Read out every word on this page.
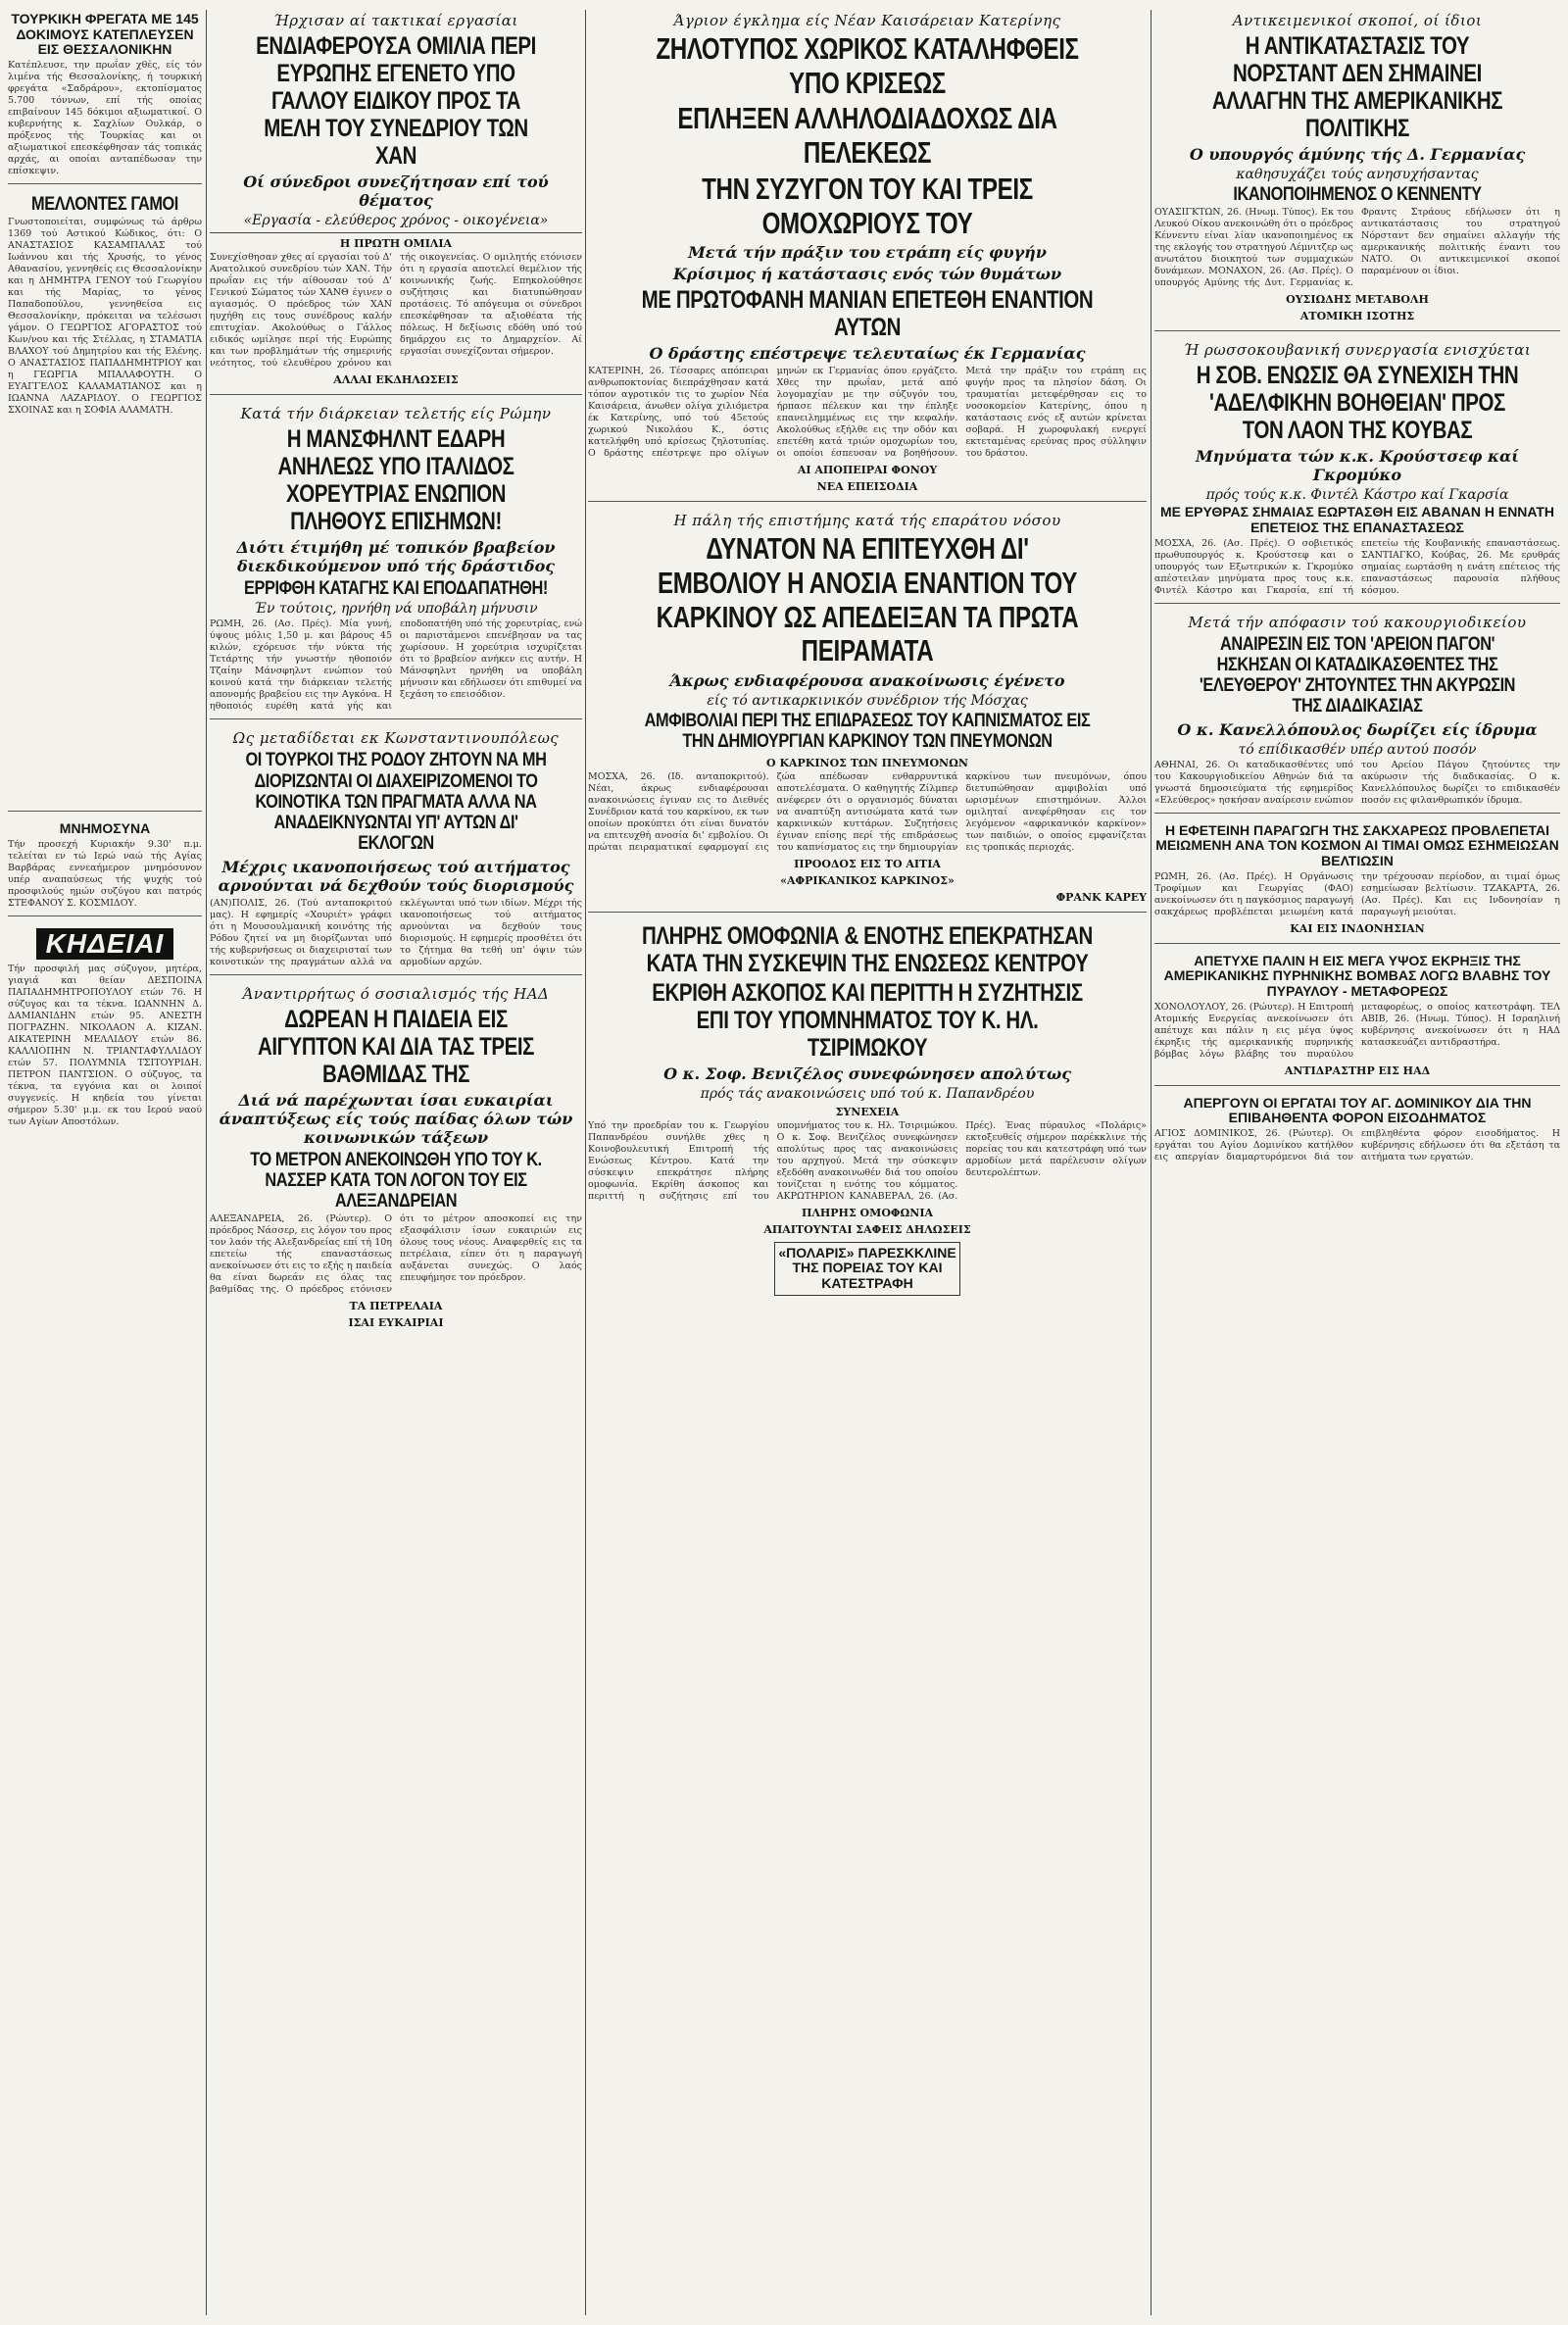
ΤΟΥΡΚΙΚΗ ΦΡΕΓΑΤΑ ΜΕ 145 ΔΟΚΙΜΟΥΣ ΚΑΤΕΠΛΕΥΣΕΝ ΕΙΣ ΘΕΣΣΑΛΟΝΙΚΗΝ
Κατέπλευσε, την πρωΐαν χθές, είς τόν λιμένα τής Θεσσαλονίκης, ή τουρκική φρεγάτα «Σαδράρου», εκτοπίσματος 5.700 τόννων, επί τής οποίας επιβαίνουν 145 δόκιμοι αξιωματικοί. Ο κυβερνήτης κ. Σαχλίων Ουλκάρ, ο πρόξενος τής Τουρκίας και οι αξιωματικοί επεσκέφθησαν τάς τοπικάς αρχάς, αι οποίαι ανταπέδωσαν την επίσκεψιν.
ΜΕΛΛΟΝΤΕΣ ΓΑΜΟΙ
Γνωστοποιείται, συμφώνως τώ άρθρω 1369 τού Αστικού Κώδικος, ότι: Ο ΑΝΑΣΤΑΣΙΟΣ ΚΑΣΑΜΠΑΛΑΣ τού Ιωάννου και τής Χρυσής, το γένος Αθανασίου, γεννηθείς εις Θεσσαλονίκην και η ΔΗΜΗΤΡΑ ΓΕΝΟΥ τού Γεωργίου και τής Μαρίας, το γένος Παπαδοπούλου, γεννηθείσα εις Θεσσαλονίκην, πρόκειται να τελέσωσι γάμον. Ο ΓΕΩΡΓΙΟΣ ΑΓΟΡΑΣΤΟΣ τού Κων/νου και τής Στέλλας, η ΣΤΑΜΑΤΙΑ ΒΛΑΧΟΥ τού Δημητρίου και τής Ελένης. Ο ΑΝΑΣΤΑΣΙΟΣ ΠΑΠΑΔΗΜΗΤΡΙΟΥ και η ΓΕΩΡΓΙΑ ΜΠΑΛΑΦΟΥΤΗ. Ο ΕΥΑΓΓΕΛΟΣ ΚΑΛΑΜΑΤΙΑΝΟΣ και η ΙΩΑΝΝΑ ΛΑΖΑΡΙΔΟΥ. Ο ΓΕΩΡΓΙΟΣ ΣΧΟΙΝΑΣ και η ΣΟΦΙΑ ΑΛΑΜΑΤΗ.
ΜΝΗΜΟΣΥΝΑ
Τήν προσεχή Κυριακήν 9.30' π.μ. τελείται εν τώ Ιερώ ναώ τής Αγίας Βαρβάρας εννεαήμερον μνημόσυνον υπέρ αναπαύσεως τής ψυχής τού προσφιλούς ημών συζύγου και πατρός ΣΤΕΦΑΝΟΥ Σ. ΚΟΣΜΙΔΟΥ.
ΚΗΔΕΙΑΙ
Τήν προσφιλή μας σύζυγον, μητέρα, γιαγιά και θείαν ΔΕΣΠΟΙΝΑ ΠΑΠΑΔΗΜΗΤΡΟΠΟΥΛΟΥ ετών 76. Η σύζυγος και τα τέκνα. ΙΩΑΝΝΗΝ Δ. ΔΑΜΙΑΝΙΔΗΝ ετών 95. ΑΝΕΣΤΗ ΠΟΓΡΑΖΗΝ. ΝΙΚΟΛΑΟΝ Α. ΚΙΖΑΝ. ΑΙΚΑΤΕΡΙΝΗ ΜΕΛΛΙΔΟΥ ετών 86. ΚΑΛΛΙΟΠΗΝ Ν. ΤΡΙΑΝΤΑΦΥΛΛΙΔΟΥ ετών 57. ΠΟΛΥΜΝΙΑ ΤΣΙΤΟΥΡΙΔΗ. ΠΕΤΡΟΝ ΠΑΝΤΣΙΟΝ. Ο σύζυγος, τα τέκνα, τα εγγόνια και οι λοιποί συγγενείς. Η κηδεία του γίνεται σήμερον 5.30' μ.μ. εκ του Ιερού ναού των Αγίων Αποστόλων.
Ήρχισαν αί τακτικαί εργασίαι
ΕΝΔΙΑΦΕΡΟΥΣΑ ΟΜΙΛΙΑ ΠΕΡΙ ΕΥΡΩΠΗΣ ΕΓΕΝΕΤΟ ΥΠΟ ΓΑΛΛΟΥ ΕΙΔΙΚΟΥ ΠΡΟΣ ΤΑ ΜΕΛΗ ΤΟΥ ΣΥΝΕΔΡΙΟΥ ΤΩΝ ΧΑΝ
Οί σύνεδροι συνεζήτησαν επί τού θέματος
«Εργασία - ελεύθερος χρόνος - οικογένεια»
Η ΠΡΩΤΗ ΟΜΙΛΙΑ
Συνεχίσθησαν χθες αί εργασίαι τού Δ' Ανατολικού συνεδρίου τών ΧΑΝ. Τήν πρωΐαν εις τήν αίθουσαν τού Δ' Γενικού Σώματος τών ΧΑΝΘ έγινεν ο αγιασμός. Ο πρόεδρος τών ΧΑΝ ηυχήθη εις τους συνέδρους καλήν επιτυχίαν. Ακολούθως ο Γάλλος ειδικός ωμίλησε περί τής Ευρώπης και των προβλημάτων τής σημερινής νεότητος, τού ελευθέρου χρόνου και τής οικογενείας. Ο ομιλητής ετόνισεν ότι η εργασία αποτελεί θεμέλιον τής κοινωνικής ζωής. Επηκολούθησε συζήτησις και διατυπώθησαν προτάσεις. Τό απόγευμα οι σύνεδροι επεσκέφθησαν τα αξιοθέατα τής πόλεως. Η δεξίωσις εδόθη υπό τού δημάρχου εις το Δημαρχείον. Αί εργασίαι συνεχίζονται σήμερον.
ΑΛΛΑΙ ΕΚΔΗΛΩΣΕΙΣ
Κατά τήν διάρκειαν τελετής είς Ρώμην
Η ΜΑΝΣΦΗΛΝΤ ΕΔΑΡΗ ΑΝΗΛΕΩΣ ΥΠΟ ΙΤΑΛΙΔΟΣ ΧΟΡΕΥΤΡΙΑΣ ΕΝΩΠΙΟΝ ΠΛΗΘΟΥΣ ΕΠΙΣΗΜΩΝ!
Διότι έτιμήθη μέ τοπικόν βραβείον διεκδικούμενον υπό τής δράστιδος
ΕΡΡΙΦΘΗ ΚΑΤΑΓΗΣ ΚΑΙ ΕΠΟΔΑΠΑΤΗΘΗ!
Έν τούτοις, ηρνήθη νά υποβάλη μήνυσιν
ΡΩΜΗ, 26. (Ασ. Πρές). Μία γυνή, ύψους μόλις 1,50 μ. και βάρους 45 κιλών, εχόρευσε τήν νύκτα τής Τετάρτης τήν γνωστήν ηθοποιόν Τζαίην Μάνσφηλντ ενώπιον τού κοινού κατά την διάρκειαν τελετής απονομής βραβείου εις την Αγκόνα. Η ηθοποιός ευρέθη κατά γής και εποδοπατήθη υπό τής χορευτρίας, ενώ οι παριστάμενοι επενέβησαν να τας χωρίσουν. Η χορεύτρια ισχυρίζεται ότι το βραβείον ανήκεν εις αυτήν. Η Μάνσφηλντ ηρνήθη να υποβάλη μήνυσιν και εδήλωσεν ότι επιθυμεί να ξεχάση το επεισόδιον.
Ως μεταδίδεται εκ Κωνσταντινουπόλεως
ΟΙ ΤΟΥΡΚΟΙ ΤΗΣ ΡΟΔΟΥ ΖΗΤΟΥΝ ΝΑ ΜΗ ΔΙΟΡΙΖΩΝΤΑΙ ΟΙ ΔΙΑΧΕΙΡΙΖΟΜΕΝΟΙ ΤΟ ΚΟΙΝΟΤΙΚΑ ΤΩΝ ΠΡΑΓΜΑΤΑ ΑΛΛΑ ΝΑ ΑΝΑΔΕΙΚΝΥΩΝΤΑΙ ΥΠ' ΑΥΤΩΝ ΔΙ' ΕΚΛΟΓΩΝ
Μέχρις ικανοποιήσεως τού αιτήματος αρνούνται νά δεχθούν τούς διορισμούς
(ΑΝ)ΠΟΛΙΣ, 26. (Τού ανταποκριτού μας). Η εφημερίς «Χουριέτ» γράφει ότι η Μουσουλμανική κοινότης τής Ρόδου ζητεί να μη διορίζωνται υπό τής κυβερνήσεως οι διαχειρισταί των κοινοτικών της πραγμάτων αλλά να εκλέγωνται υπό των ιδίων. Μέχρι τής ικανοποιήσεως τού αιτήματος αρνούνται να δεχθούν τους διορισμούς. Η εφημερίς προσθέτει ότι το ζήτημα θα τεθή υπ' όψιν τών αρμοδίων αρχών.
Άναντιρρήτως ό σοσιαλισμός τής ΗΑΔ
ΔΩΡΕΑΝ Η ΠΑΙΔΕΙΑ ΕΙΣ ΑΙΓΥΠΤΟΝ ΚΑΙ ΔΙΑ ΤΑΣ ΤΡΕΙΣ ΒΑΘΜΙΔΑΣ ΤΗΣ
Διά νά παρέχωνται ίσαι ευκαιρίαι άναπτύξεως είς τούς παίδας όλων τών κοινωνικών τάξεων
ΤΟ ΜΕΤΡΟΝ ΑΝΕΚΟΙΝΩΘΗ ΥΠΟ ΤΟΥ Κ. ΝΑΣΣΕΡ ΚΑΤΑ ΤΟΝ ΛΟΓΟΝ ΤΟΥ ΕΙΣ ΑΛΕΞΑΝΔΡΕΙΑΝ
ΑΛΕΞΑΝΔΡΕΙΑ, 26. (Ρώυτερ). Ο πρόεδρος Νάσσερ, εις λόγον του προς τον λαόν τής Αλεξανδρείας επί τή 10η επετείω τής επαναστάσεως ανεκοίνωσεν ότι εις το εξής η παιδεία θα είναι δωρεάν εις όλας τας βαθμίδας της. Ο πρόεδρος ετόνισεν ότι το μέτρον αποσκοπεί εις την εξασφάλισιν ίσων ευκαιριών εις όλους τους νέους. Αναφερθείς εις τα πετρέλαια, είπεν ότι η παραγωγή αυξάνεται συνεχώς. Ο λαός επευφήμησε τον πρόεδρον.
ΤΑ ΠΕΤΡΕΛΑΙΑ
ΙΣΑΙ ΕΥΚΑΙΡΙΑΙ
Άγριον έγκλημα είς Νέαν Καισάρειαν Κατερίνης
ΖΗΛΟΤΥΠΟΣ ΧΩΡΙΚΟΣ ΚΑΤΑΛΗΦΘΕΙΣ ΥΠΟ ΚΡΙΣΕΩΣ
ΕΠΛΗΞΕΝ ΑΛΛΗΛΟΔΙΑΔΟΧΩΣ ΔΙΑ ΠΕΛΕΚΕΩΣ
ΤΗΝ ΣΥΖΥΓΟΝ ΤΟΥ ΚΑΙ ΤΡΕΙΣ ΟΜΟΧΩΡΙΟΥΣ ΤΟΥ
Μετά τήν πράξιν του ετράπη είς φυγήν
Κρίσιμος ή κατάστασις ενός τών θυμάτων
ΜΕ ΠΡΩΤΟΦΑΝΗ ΜΑΝΙΑΝ ΕΠΕΤΕΘΗ ΕΝΑΝΤΙΟΝ ΑΥΤΩΝ
Ο δράστης επέστρεψε τελευταίως έκ Γερμανίας
ΚΑΤΕΡΙΝΗ, 26. Τέσσαρες απόπειραι ανθρωποκτονίας διεπράχθησαν κατά τόπον αγροτικόν τις το χωρίον Νέα Καισάρεια, άνωθεν ολίγα χιλιόμετρα έκ Κατερίνης, υπό τού 45ετούς χωρικού Νικολάου Κ., όστις κατελήφθη υπό κρίσεως ζηλοτυπίας. Ο δράστης επέστρεψε προ ολίγων μηνών εκ Γερμανίας όπου εργάζετο. Χθες την πρωΐαν, μετά από λογομαχίαν με την σύζυγόν του, ήρπασε πέλεκυν και την έπληξε επανειλημμένως εις την κεφαλήν. Ακολούθως εξήλθε εις την οδόν και επετέθη κατά τριών ομοχωρίων του, οι οποίοι έσπευσαν να βοηθήσουν. Μετά την πράξιν του ετράπη εις φυγήν προς τα πλησίον δάση. Οι τραυματίαι μετεφέρθησαν εις το νοσοκομείον Κατερίνης, όπου η κατάστασις ενός εξ αυτών κρίνεται σοβαρά. Η χωροφυλακή ενεργεί εκτεταμένας ερεύνας προς σύλληψιν του δράστου.
ΑΙ ΑΠΟΠΕΙΡΑΙ ΦΟΝΟΥ
ΝΕΑ ΕΠΕΙΣΟΔΙΑ
Η πάλη τής επιστήμης κατά τής επαράτου νόσου
ΔΥΝΑΤΟΝ ΝΑ ΕΠΙΤΕΥΧΘΗ ΔΙ' ΕΜΒΟΛΙΟΥ Η ΑΝΟΣΙΑ ΕΝΑΝΤΙΟΝ ΤΟΥ ΚΑΡΚΙΝΟΥ ΩΣ ΑΠΕΔΕΙΞΑΝ ΤΑ ΠΡΩΤΑ ΠΕΙΡΑΜΑΤΑ
Άκρως ενδιαφέρουσα ανακοίνωσις έγένετο
είς τό αντικαρκινικόν συνέδριον τής Μόσχας
ΑΜΦΙΒΟΛΙΑΙ ΠΕΡΙ ΤΗΣ ΕΠΙΔΡΑΣΕΩΣ ΤΟΥ ΚΑΠΝΙΣΜΑΤΟΣ ΕΙΣ ΤΗΝ ΔΗΜΙΟΥΡΓΙΑΝ ΚΑΡΚΙΝΟΥ ΤΩΝ ΠΝΕΥΜΟΝΩΝ
Ο ΚΑΡΚΙΝΟΣ ΤΩΝ ΠΝΕΥΜΟΝΩΝ
ΜΟΣΧΑ, 26. (Ιδ. ανταποκριτού). Νέαι, άκρως ενδιαφέρουσαι ανακοινώσεις έγιναν εις το Διεθνές Συνέδριον κατά του καρκίνου, εκ των οποίων προκύπτει ότι είναι δυνατόν να επιτευχθή ανοσία δι' εμβολίου. Οι πρώται πειραματικαί εφαρμογαί εις ζώα απέδωσαν ενθαρρυντικά αποτελέσματα. Ο καθηγητής Ζίλμπερ ανέφερεν ότι ο οργανισμός δύναται να αναπτύξη αντισώματα κατά των καρκινικών κυττάρων. Συζητήσεις έγιναν επίσης περί τής επιδράσεως του καπνίσματος εις την δημιουργίαν καρκίνου των πνευμόνων, όπου διετυπώθησαν αμφιβολίαι υπό ωρισμένων επιστημόνων. Άλλοι ομιληταί ανεφέρθησαν εις τον λεγόμενον «αφρικανικόν καρκίνον» των παιδιών, ο οποίος εμφανίζεται εις τροπικάς περιοχάς.
ΠΡΟΟΔΟΣ ΕΙΣ ΤΟ ΑΙΤΙΑ
«ΑΦΡΙΚΑΝΙΚΟΣ ΚΑΡΚΙΝΟΣ»
ΦΡΑΝΚ ΚΑΡΕΥ
ΠΛΗΡΗΣ ΟΜΟΦΩΝΙΑ & ΕΝΟΤΗΣ ΕΠΕΚΡΑΤΗΣΑΝ ΚΑΤΑ ΤΗΝ ΣΥΣΚΕΨΙΝ ΤΗΣ ΕΝΩΣΕΩΣ ΚΕΝΤΡΟΥ
ΕΚΡΙΘΗ ΑΣΚΟΠΟΣ ΚΑΙ ΠΕΡΙΤΤΗ Η ΣΥΖΗΤΗΣΙΣ ΕΠΙ ΤΟΥ ΥΠΟΜΝΗΜΑΤΟΣ ΤΟΥ Κ. ΗΛ. ΤΣΙΡΙΜΩΚΟΥ
Ο κ. Σοφ. Βενιζέλος συνεφώνησεν απολύτως
πρός τάς ανακοινώσεις υπό τού κ. Παπανδρέου
ΣΥΝΕΧΕΙΑ
Υπό την προεδρίαν του κ. Γεωργίου Παπανδρέου συνήλθε χθες η Κοινοβουλευτική Επιτροπή τής Ενώσεως Κέντρου. Κατά την σύσκεψιν επεκράτησε πλήρης ομοφωνία. Εκρίθη άσκοπος και περιττή η συζήτησις επί του υπομνήματος του κ. Ηλ. Τσιριμώκου. Ο κ. Σοφ. Βενιζέλος συνεφώνησεν απολύτως προς τας ανακοινώσεις του αρχηγού. Μετά την σύσκεψιν εξεδόθη ανακοινωθέν διά του οποίου τονίζεται η ενότης του κόμματος. ΑΚΡΩΤΗΡΙΟΝ ΚΑΝΑΒΕΡΑΛ, 26. (Ασ. Πρές). Ένας πύραυλος «Πολάρις» εκτοξευθείς σήμερον παρέκκλινε τής πορείας του και κατεστράφη υπό των αρμοδίων μετά παρέλευσιν ολίγων δευτερολέπτων.
ΠΛΗΡΗΣ ΟΜΟΦΩΝΙΑ
ΑΠΑΙΤΟΥΝΤΑΙ ΣΑΦΕΙΣ ΔΗΛΩΣΕΙΣ
«ΠΟΛΑΡΙΣ» ΠΑΡΕΣΚΚΛΙΝΕ ΤΗΣ ΠΟΡΕΙΑΣ ΤΟΥ ΚΑΙ ΚΑΤΕΣΤΡΑΦΗ
Αντικειμενικοί σκοποί, οί ίδιοι
Η ΑΝΤΙΚΑΤΑΣΤΑΣΙΣ ΤΟΥ ΝΟΡΣΤΑΝΤ ΔΕΝ ΣΗΜΑΙΝΕΙ ΑΛΛΑΓΗΝ ΤΗΣ ΑΜΕΡΙΚΑΝΙΚΗΣ ΠΟΛΙΤΙΚΗΣ
Ο υπουργός άμύνης τής Δ. Γερμανίας
καθησυχάζει τούς ανησυχήσαντας
ΙΚΑΝΟΠΟΙΗΜΕΝΟΣ Ο ΚΕΝΝΕΝΤΥ
ΟΥΑΣΙΓΚΤΩΝ, 26. (Ηνωμ. Τύπος). Εκ του Λευκού Οίκου ανεκοινώθη ότι ο πρόεδρος Κέννεντυ είναι λίαν ικανοποιημένος εκ της εκλογής του στρατηγού Λέμνιτζερ ως ανωτάτου διοικητού των συμμαχικών δυνάμεων. ΜΟΝΑΧΟΝ, 26. (Ασ. Πρές). Ο υπουργός Αμύνης τής Δυτ. Γερμανίας κ. Φραντς Στράους εδήλωσεν ότι η αντικατάστασις του στρατηγού Νόρσταντ δεν σημαίνει αλλαγήν τής αμερικανικής πολιτικής έναντι του ΝΑΤΟ. Οι αντικειμενικοί σκοποί παραμένουν οι ίδιοι.
ΟΥΣΙΩΔΗΣ ΜΕΤΑΒΟΛΗ
ΑΤΟΜΙΚΗ ΙΣΟΤΗΣ
Ή ρωσσοκουβανική συνεργασία ενισχύεται
Η ΣΟΒ. ΕΝΩΣΙΣ ΘΑ ΣΥΝΕΧΙΣΗ ΤΗΝ 'ΑΔΕΛΦΙΚΗΝ ΒΟΗΘΕΙΑΝ' ΠΡΟΣ ΤΟΝ ΛΑΟΝ ΤΗΣ ΚΟΥΒΑΣ
Μηνύματα τών κ.κ. Κρούστσεφ καί Γκρομύκο
πρός τούς κ.κ. Φιντέλ Κάστρο καί Γκαρσία
ΜΕ ΕΡΥΘΡΑΣ ΣΗΜΑΙΑΣ ΕΩΡΤΑΣΘΗ ΕΙΣ ΑΒΑΝΑΝ Η ΕΝΝΑΤΗ ΕΠΕΤΕΙΟΣ ΤΗΣ ΕΠΑΝΑΣΤΑΣΕΩΣ
ΜΟΣΧΑ, 26. (Ασ. Πρές). Ο σοβιετικός πρωθυπουργός κ. Κρούστσεφ και ο υπουργός των Εξωτερικών κ. Γκρομύκο απέστειλαν μηνύματα προς τους κ.κ. Φιντέλ Κάστρο και Γκαρσία, επί τή επετείω τής Κουβανικής επαναστάσεως. ΣΑΝΤΙΑΓΚΟ, Κούβας, 26. Με ερυθράς σημαίας εωρτάσθη η ενάτη επέτειος τής επαναστάσεως παρουσία πλήθους κόσμου.
Μετά τήν απόφασιν τού κακουργιοδικείου
ΑΝΑΙΡΕΣΙΝ ΕΙΣ ΤΟΝ 'ΑΡΕΙΟΝ ΠΑΓΟΝ' ΗΣΚΗΣΑΝ ΟΙ ΚΑΤΑΔΙΚΑΣΘΕΝΤΕΣ ΤΗΣ 'ΕΛΕΥΘΕΡΟΥ' ΖΗΤΟΥΝΤΕΣ ΤΗΝ ΑΚΥΡΩΣΙΝ ΤΗΣ ΔΙΑΔΙΚΑΣΙΑΣ
Ο κ. Κανελλόπουλος δωρίζει είς ίδρυμα
τό επίδικασθέν υπέρ αυτού ποσόν
ΑΘΗΝΑΙ, 26. Οι καταδικασθέντες υπό του Κακουργιοδικείου Αθηνών διά τα γνωστά δημοσιεύματα τής εφημερίδος «Ελεύθερος» ησκήσαν αναίρεσιν ενώπιον του Αρείου Πάγου ζητούντες την ακύρωσιν τής διαδικασίας. Ο κ. Κανελλόπουλος δωρίζει το επιδικασθέν ποσόν εις φιλανθρωπικόν ίδρυμα.
Η ΕΦΕΤΕΙΝΗ ΠΑΡΑΓΩΓΗ ΤΗΣ ΣΑΚΧΑΡΕΩΣ ΠΡΟΒΛΕΠΕΤΑΙ ΜΕΙΩΜΕΝΗ ΑΝΑ ΤΟΝ ΚΟΣΜΟΝ ΑΙ ΤΙΜΑΙ ΟΜΩΣ ΕΣΗΜΕΙΩΣΑΝ ΒΕΛΤΙΩΣΙΝ
ΡΩΜΗ, 26. (Ασ. Πρές). Η Οργάνωσις Τροφίμων και Γεωργίας (ΦΑΟ) ανεκοίνωσεν ότι η παγκόσμιος παραγωγή σακχάρεως προβλέπεται μειωμένη κατά την τρέχουσαν περίοδον, αι τιμαί όμως εσημείωσαν βελτίωσιν. ΤΖΑΚΑΡΤΑ, 26. (Ασ. Πρές). Και εις Ινδονησίαν η παραγωγή μειούται.
ΚΑΙ ΕΙΣ ΙΝΔΟΝΗΣΙΑΝ
ΑΠΕΤΥΧΕ ΠΑΛΙΝ Η ΕΙΣ ΜΕΓΑ ΥΨΟΣ ΕΚΡΗΞΙΣ ΤΗΣ ΑΜΕΡΙΚΑΝΙΚΗΣ ΠΥΡΗΝΙΚΗΣ ΒΟΜΒΑΣ ΛΟΓΩ ΒΛΑΒΗΣ ΤΟΥ ΠΥΡΑΥΛΟΥ - ΜΕΤΑΦΟΡΕΩΣ
ΧΟΝΟΛΟΥΛΟΥ, 26. (Ρώυτερ). Η Επιτροπή Ατομικής Ενεργείας ανεκοίνωσεν ότι απέτυχε και πάλιν η εις μέγα ύψος έκρηξις τής αμερικανικής πυρηνικής βόμβας λόγω βλάβης του πυραύλου μεταφορέως, ο οποίος κατεστράφη. ΤΕΛ ΑΒΙΒ, 26. (Ηνωμ. Τύπος). Η Ισραηλινή κυβέρνησις ανεκοίνωσεν ότι η ΗΑΔ κατασκευάζει αντιδραστήρα.
ΑΝΤΙΔΡΑΣΤΗΡ ΕΙΣ ΗΑΔ
ΑΠΕΡΓΟΥΝ ΟΙ ΕΡΓΑΤΑΙ ΤΟΥ ΑΓ. ΔΟΜΙΝΙΚΟΥ ΔΙΑ ΤΗΝ ΕΠΙΒΑΗΘΕΝΤΑ ΦΟΡΟΝ ΕΙΣΟΔΗΜΑΤΟΣ
ΑΓΙΟΣ ΔΟΜΙΝΙΚΟΣ, 26. (Ρώυτερ). Οι εργάται του Αγίου Δομινίκου κατήλθον εις απεργίαν διαμαρτυρόμενοι διά τον επιβληθέντα φόρον εισοδήματος. Η κυβέρνησις εδήλωσεν ότι θα εξετάση τα αιτήματα των εργατών.
